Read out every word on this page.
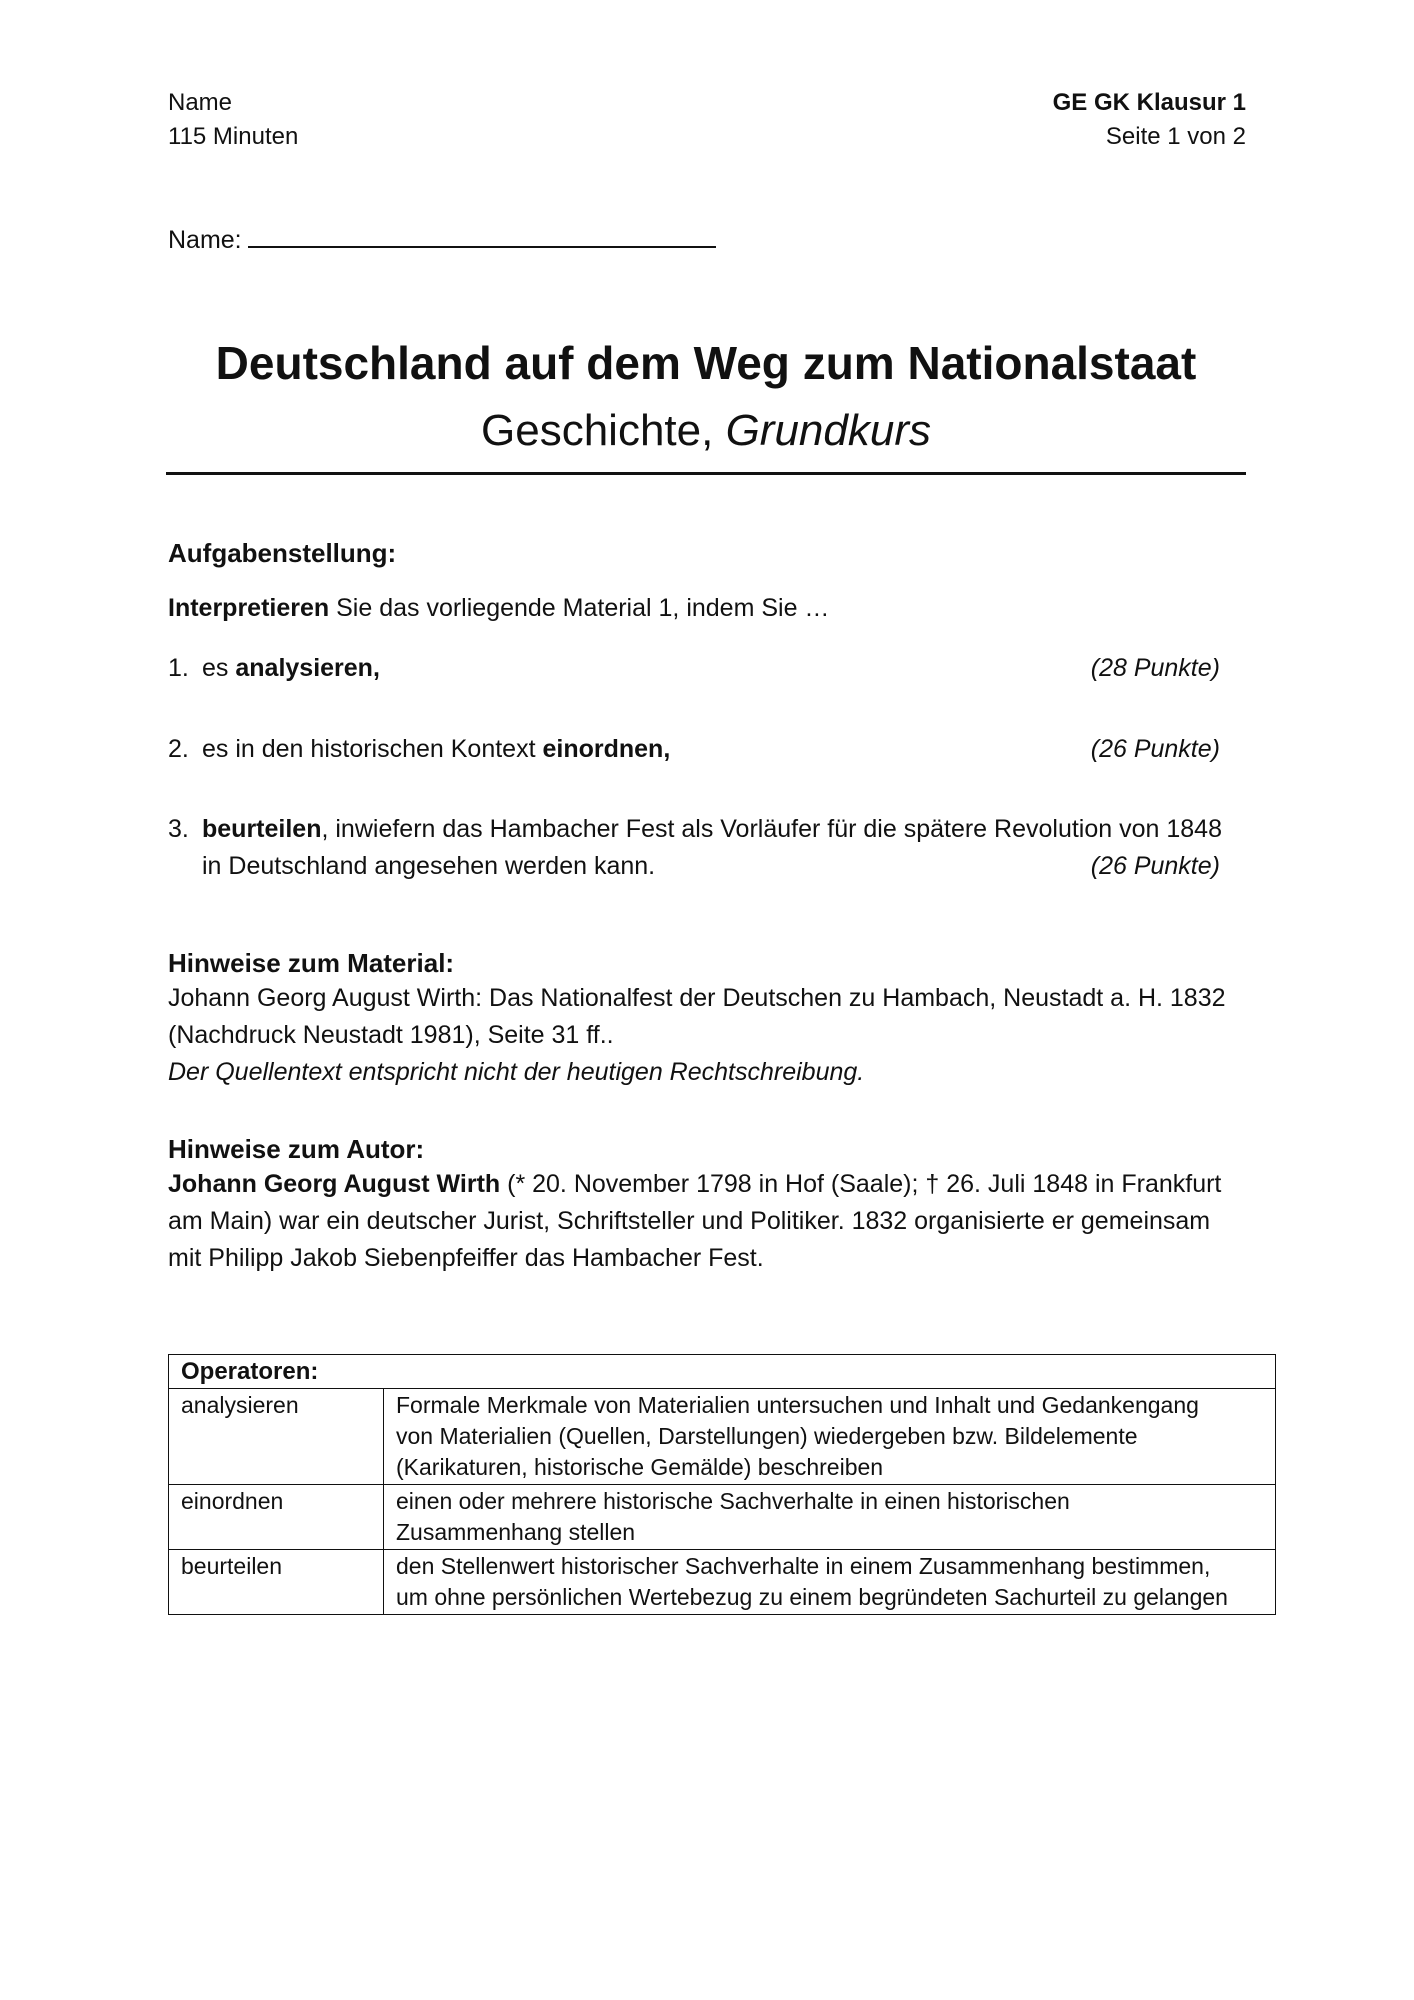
Name
115 Minuten
GE GK Klausur 1
Seite 1 von 2
Name:
Deutschland auf dem Weg zum Nationalstaat
Geschichte, Grundkurs
Aufgabenstellung:
Interpretieren Sie das vorliegende Material 1, indem Sie …
1. es analysieren,	(28 Punkte)
2. es in den historischen Kontext einordnen,	(26 Punkte)
3. beurteilen, inwiefern das Hambacher Fest als Vorläufer für die spätere Revolution von 1848
in Deutschland angesehen werden kann.	(26 Punkte)
Hinweise zum Material:
Johann Georg August Wirth: Das Nationalfest der Deutschen zu Hambach, Neustadt a. H. 1832
(Nachdruck Neustadt 1981), Seite 31 ff..
Der Quellentext entspricht nicht der heutigen Rechtschreibung.
Hinweise zum Autor:
Johann Georg August Wirth (* 20. November 1798 in Hof (Saale); † 26. Juli 1848 in Frankfurt
am Main) war ein deutscher Jurist, Schriftsteller und Politiker. 1832 organisierte er gemeinsam
mit Philipp Jakob Siebenpfeiffer das Hambacher Fest.
Operatoren:	
analysieren	Formale Merkmale von Materialien untersuchen und Inhalt und Gedankengang
von Materialien (Quellen, Darstellungen) wiedergeben bzw. Bildelemente
(Karikaturen, historische Gemälde) beschreiben

einordnen	einen oder mehrere historische Sachverhalte in einen historischen
Zusammenhang stellen

beurteilen	den Stellenwert historischer Sachverhalte in einem Zusammenhang bestimmen,
um ohne persönlichen Wertebezug zu einem begründeten Sachurteil zu gelangen
